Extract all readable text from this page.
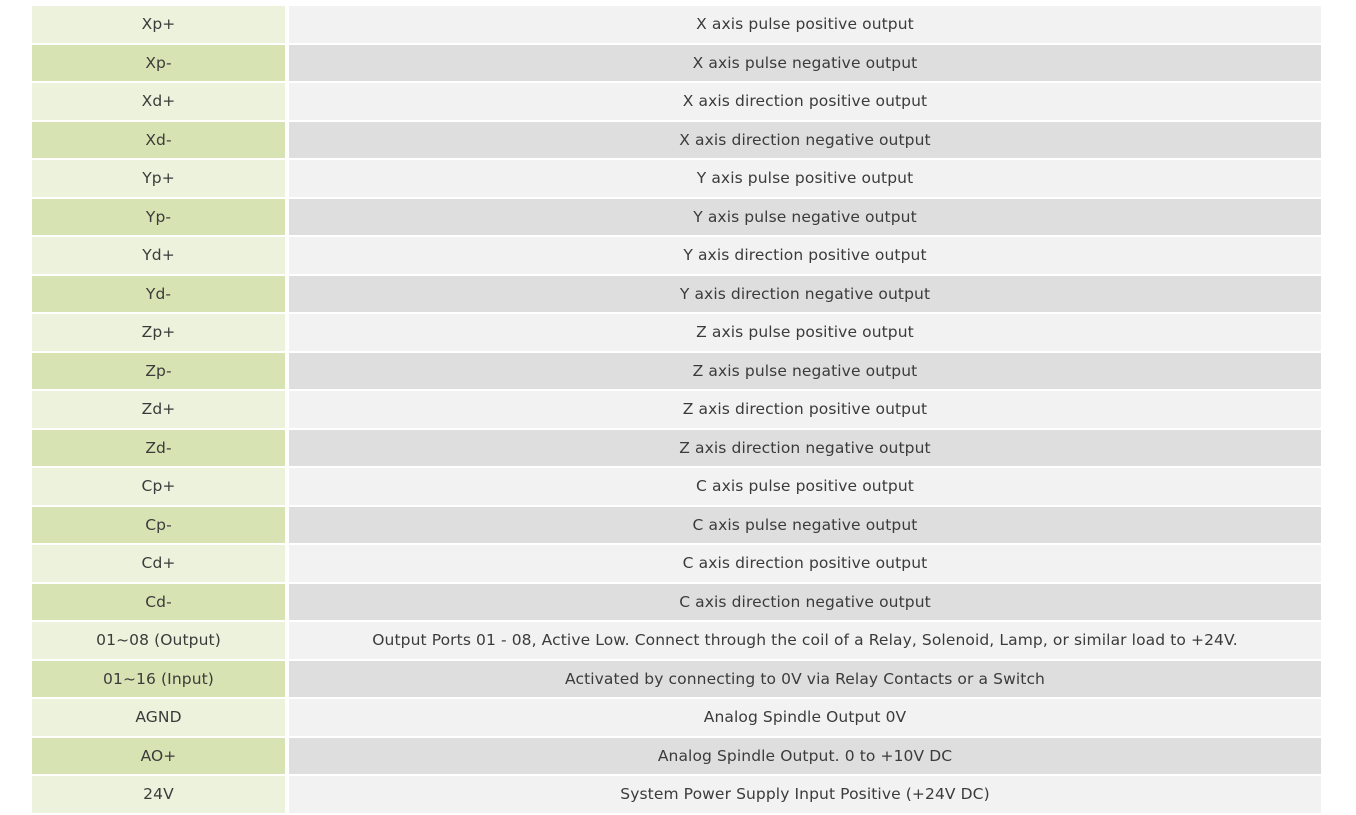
Xp+	X axis pulse positive output
Xp-	X axis pulse negative output
Xd+	X axis direction positive output
Xd-	X axis direction negative output
Yp+	Y axis pulse positive output
Yp-	Y axis pulse negative output
Yd+	Y axis direction positive output
Yd-	Y axis direction negative output
Zp+	Z axis pulse positive output
Zp-	Z axis pulse negative output
Zd+	Z axis direction positive output
Zd-	Z axis direction negative output
Cp+	C axis pulse positive output
Cp-	C axis pulse negative output
Cd+	C axis direction positive output
Cd-	C axis direction negative output
01~08 (Output)	Output Ports 01 - 08, Active Low. Connect through the coil of a Relay, Solenoid, Lamp, or similar load to +24V.
01~16 (Input)	Activated by connecting to 0V via Relay Contacts or a Switch
AGND	Analog Spindle Output 0V
AO+	Analog Spindle Output. 0 to +10V DC
24V	System Power Supply Input Positive (+24V DC)
